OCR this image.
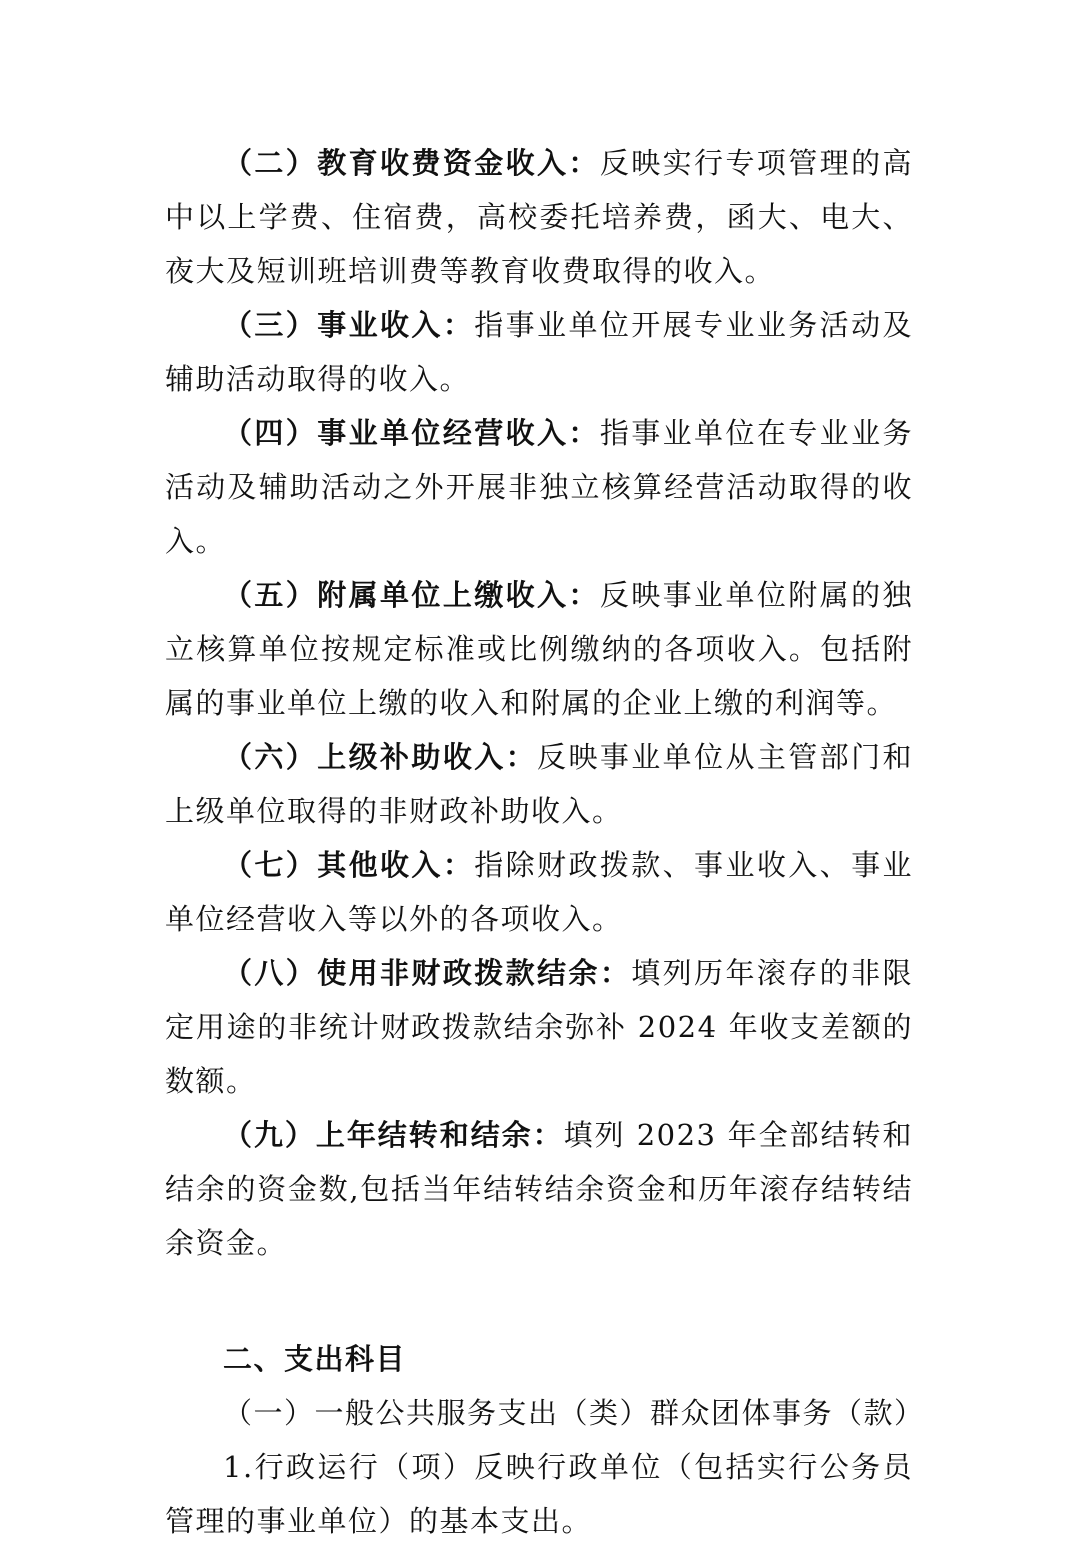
（二）教育收费资金收入：反映实行专项管理的高中以上学费、住宿费，高校委托培养费，函大、电大、夜大及短训班培训费等教育收费取得的收入。

（三）事业收入：指事业单位开展专业业务活动及辅助活动取得的收入。

（四）事业单位经营收入：指事业单位在专业业务活动及辅助活动之外开展非独立核算经营活动取得的收入。

（五）附属单位上缴收入：反映事业单位附属的独立核算单位按规定标准或比例缴纳的各项收入。包括附属的事业单位上缴的收入和附属的企业上缴的利润等。

（六）上级补助收入：反映事业单位从主管部门和上级单位取得的非财政补助收入。

（七）其他收入：指除财政拨款、事业收入、事业单位经营收入等以外的各项收入。

（八）使用非财政拨款结余：填列历年滚存的非限定用途的非统计财政拨款结余弥补 2024 年收支差额的数额。

（九）上年结转和结余：填列 2023 年全部结转和结余的资金数,包括当年结转结余资金和历年滚存结转结余资金。

二、支出科目

（一）一般公共服务支出（类）群众团体事务（款）

1.行政运行（项）反映行政单位（包括实行公务员管理的事业单位）的基本支出。
